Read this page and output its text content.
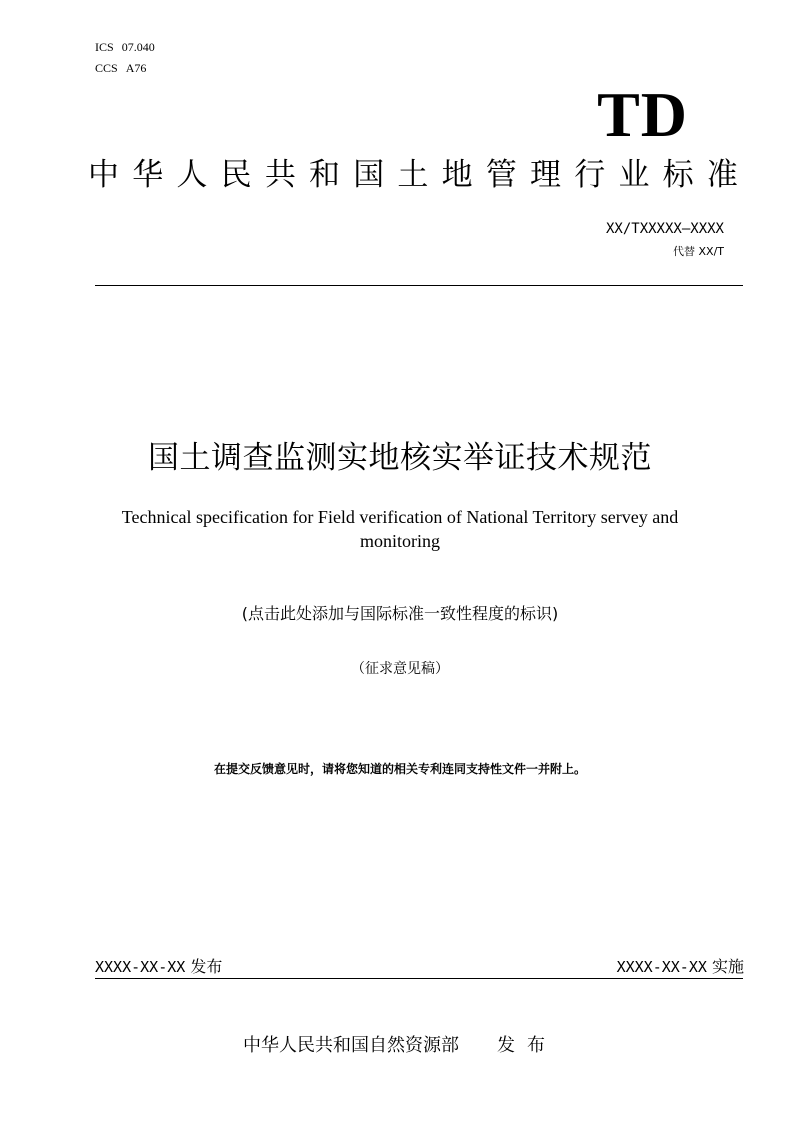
ICS 07.040
CCS A76
TD
中 华 人 民 共 和 国 土 地 管 理 行 业 标 准
XX/TXXXXX—XXXX
代替 XX/T
国土调查监测实地核实举证技术规范
Technical specification for Field verification of National Territory servey and monitoring
(点击此处添加与国际标准一致性程度的标识)
（征求意见稿）
在提交反馈意见时，请将您知道的相关专利连同支持性文件一并附上。
XXXX-XX-XX 发布	XXXX-XX-XX 实施
中华人民共和国自然资源部 发布
